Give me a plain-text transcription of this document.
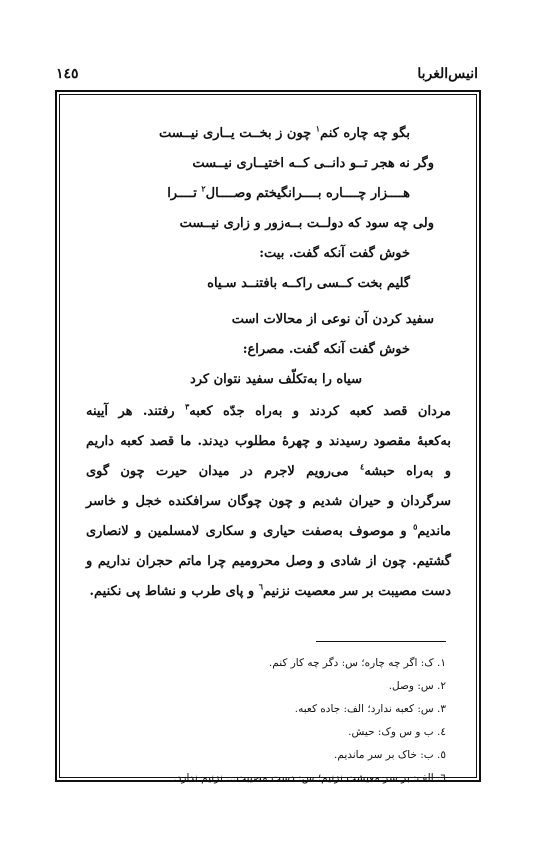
١٤٥	انیس‌الغربا
بگو چه چاره کنم$^١$ چون ز بخــت یــاری نیــست
وگر نه هجر تــو دانــی کــه اختیــاری نیــست
هــــزار چــــاره بــــرانگیختم وصــــال$^٢$ تــــرا
ولی چه سود که دولــت بــه‌زور و زاری نیــست
خوش گفت آنکه گفت. بیت:
گلیم بخت کــسی راکــه بافتنــد سـیاه
سفید کردن آن نوعی از محالات است
خوش گفت آنکه گفت. مصراع:
سیاه را به‌تکلّف سفید نتوان کرد
مردان قصد کعبه کردند و به‌راه جدّه کعبه$^٣$ رفتند. هر آیینه
به‌کعبهٔ مقصود رسیدند و چهرهٔ مطلوب دیدند. ما قصد کعبه داریم
و به‌راه حبشه$^٤$ می‌رویم لاجرم در میدان حیرت چون گوی
سرگردان و حیران شدیم و چون چوگان سرافکنده خجل و خاسر
ماندیم$^٥$ و موصوف به‌صفت حیاری و سکاری لامسلمین و لانصاری
گشتیم. چون از شادی و وصل محرومیم چرا ماتم حجران نداریم و
دست مصیبت بر سر معصیت نزنیم$^٦$ و پای طرب و نشاط پی نکنیم.
١. ک: اگر چه چاره؛ س: دگر چه کار کنم.
٢. س: وصل.
٣. س: کعبه ندارد؛ الف: جاده کعبه.
٤. ب و س وک: حیش.
٥. ب: خاک بر سر ماندیم.
٦. الف: بر سر معیشت نزنیم؛ س: دست مصیبت... نزنیم ندارد.
